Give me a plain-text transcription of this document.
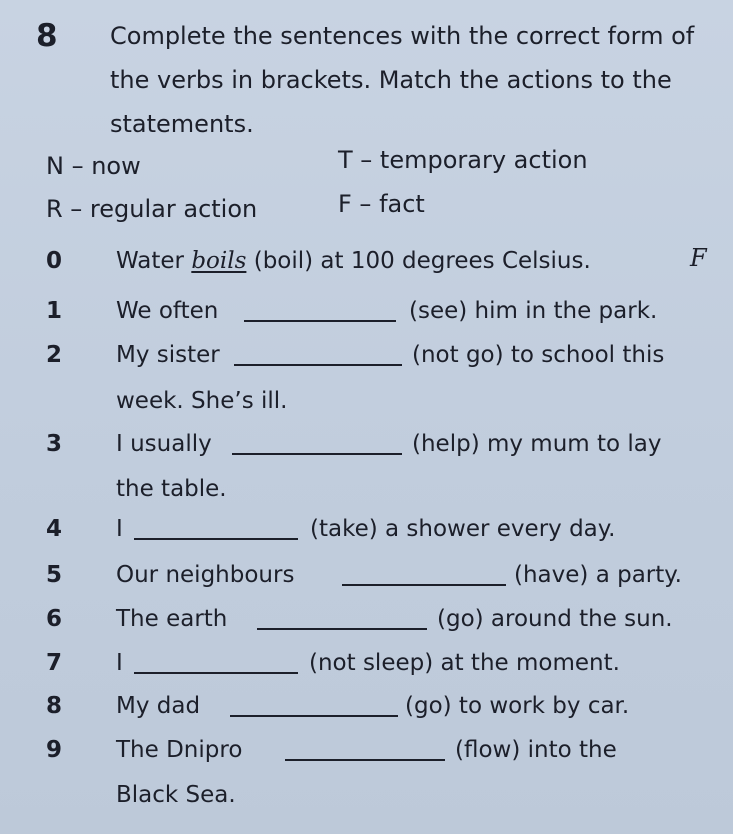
8 Complete the sentences with the correct form of the verbs in brackets. Match the actions to the statements.
N – now	T – temporary action
R – regular action	F – fact
0 Water boils (boil) at 100 degrees Celsius.	F
1 We often	(see) him in the park.
2 My sister	(not go) to school this
week. She’s ill.
3 I usually	(help) my mum to lay
the table.
4 I	(take) a shower every day.
5 Our neighbours	(have) a party.
6 The earth	(go) around the sun.
7 I	(not sleep) at the moment.
8 My dad	(go) to work by car.
9 The Dnipro	(flow) into the
Black Sea.
